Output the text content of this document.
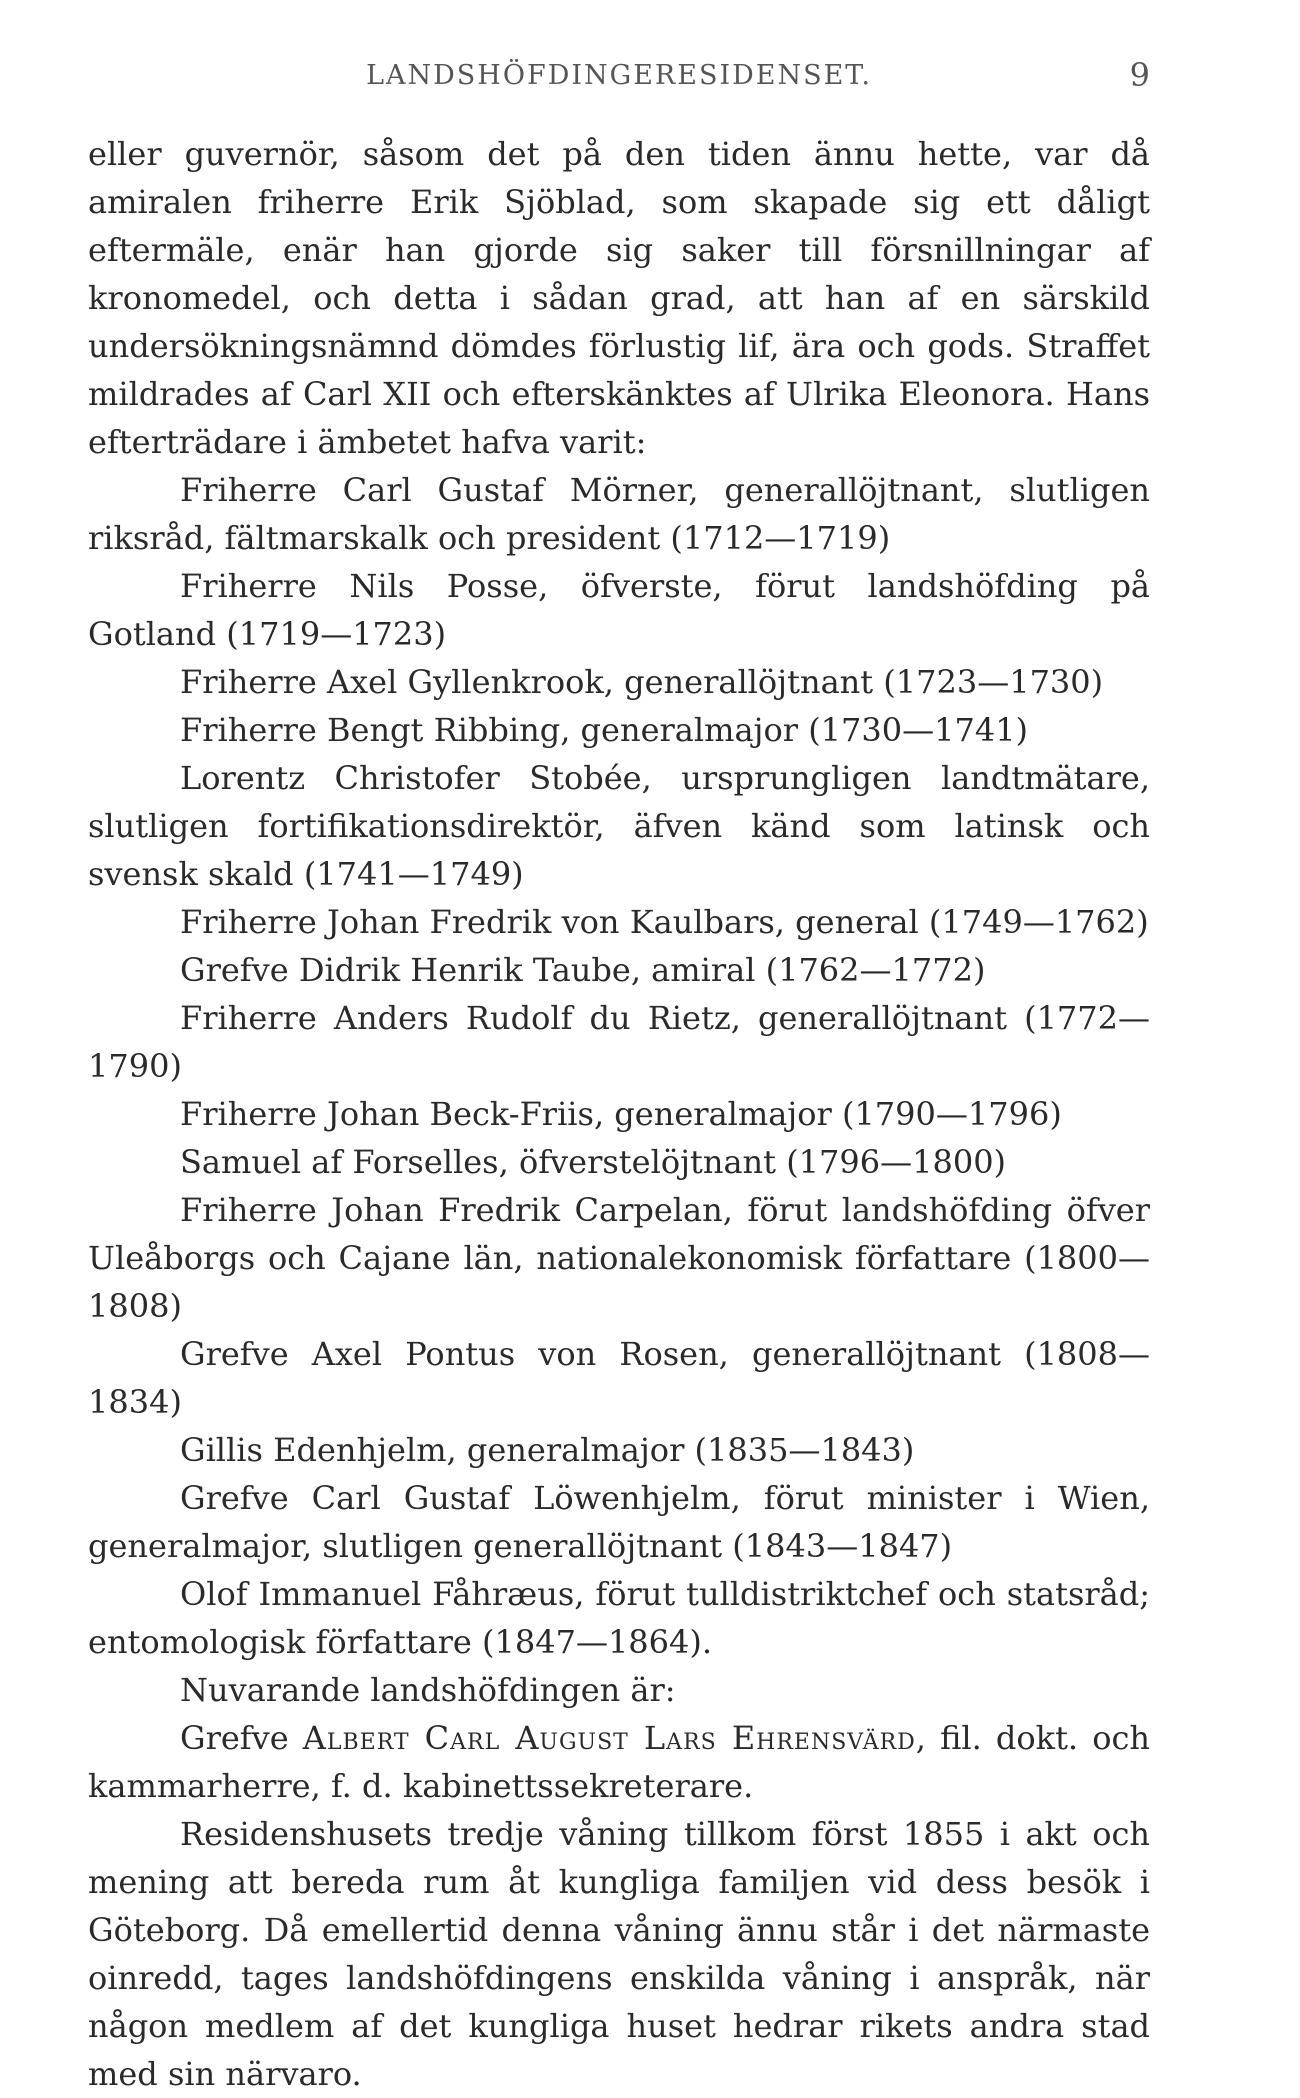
LANDSHÖFDINGERESIDENSET.	9

eller guvernör, såsom det på den tiden ännu hette, var då amiralen friherre Erik Sjöblad, som skapade sig ett dåligt eftermäle, enär han gjorde sig saker till försnillningar af kronomedel, och detta i sådan grad, att han af en särskild undersökningsnämnd dömdes förlustig lif, ära och gods. Straffet mildrades af Carl XII och efterskänktes af Ulrika Eleonora. Hans efterträdare i ämbetet hafva varit:

Friherre Carl Gustaf Mörner, generallöjtnant, slutligen riksråd, fältmarskalk och president (1712—1719)

Friherre Nils Posse, öfverste, förut landshöfding på Gotland (1719—1723)

Friherre Axel Gyllenkrook, generallöjtnant (1723—1730)

Friherre Bengt Ribbing, generalmajor (1730—1741)

Lorentz Christofer Stobée, ursprungligen landtmätare, slutligen fortifikationsdirektör, äfven känd som latinsk och svensk skald (1741—1749)

Friherre Johan Fredrik von Kaulbars, general (1749—1762)

Grefve Didrik Henrik Taube, amiral (1762—1772)

Friherre Anders Rudolf du Rietz, generallöjtnant (1772—1790)

Friherre Johan Beck-Friis, generalmajor (1790—1796)

Samuel af Forselles, öfverstelöjtnant (1796—1800)

Friherre Johan Fredrik Carpelan, förut landshöfding öfver Uleåborgs och Cajane län, nationalekonomisk författare (1800—1808)

Grefve Axel Pontus von Rosen, generallöjtnant (1808—1834)

Gillis Edenhjelm, generalmajor (1835—1843)

Grefve Carl Gustaf Löwenhjelm, förut minister i Wien, generalmajor, slutligen generallöjtnant (1843—1847)

Olof Immanuel Fåhræus, förut tulldistriktchef och statsråd; entomologisk författare (1847—1864).

Nuvarande landshöfdingen är:

Grefve Albert Carl August Lars Ehrensvärd, fil. dokt. och kammarherre, f. d. kabinettssekreterare.

Residenshusets tredje våning tillkom först 1855 i akt och mening att bereda rum åt kungliga familjen vid dess besök i Göteborg. Då emellertid denna våning ännu står i det närmaste oinredd, tages landshöfdingens enskilda våning i anspråk, när någon medlem af det kungliga huset hedrar rikets andra stad med sin närvaro.
